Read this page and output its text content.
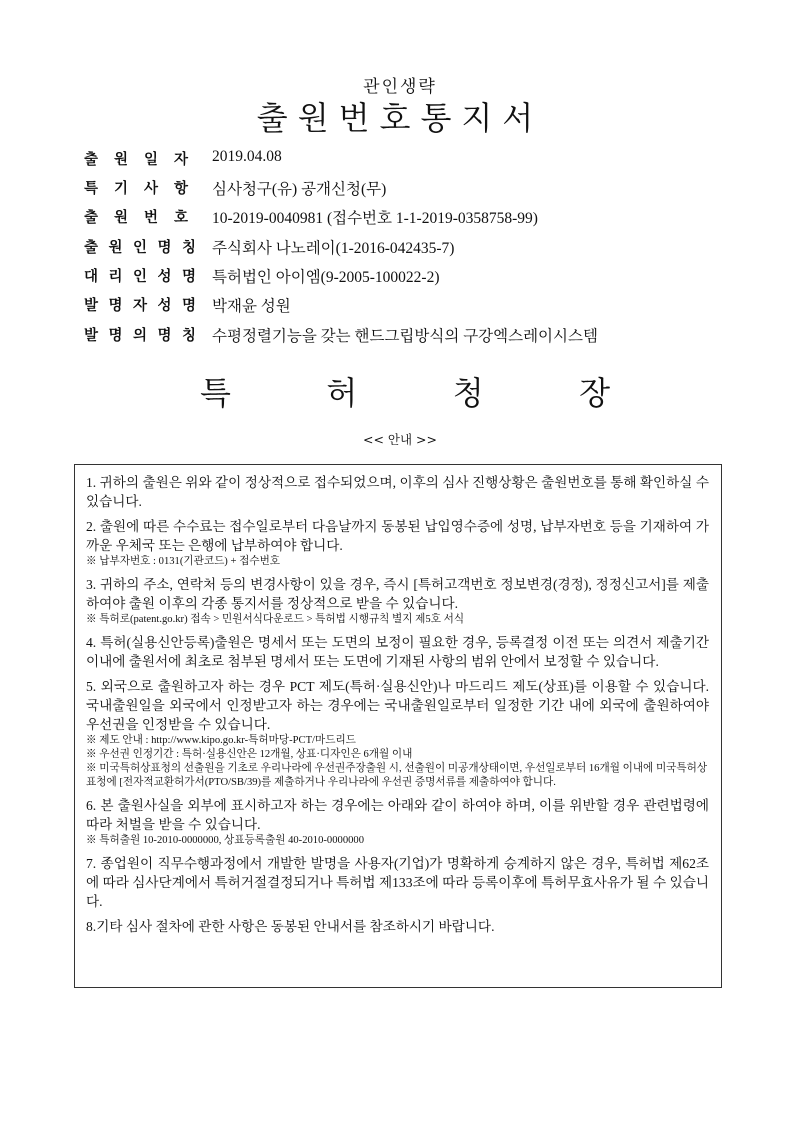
관인생략
출원번호통지서
출 원 일 자 2019.04.08
특 기 사 항 심사청구(유) 공개신청(무)
출 원 번 호 10-2019-0040981 (접수번호 1-1-2019-0358758-99)
출 원 인 명 칭 주식회사 나노레이(1-2016-042435-7)
대 리 인 성 명 특허법인 아이엠(9-2005-100022-2)
발 명 자 성 명 박재윤 성원
발 명 의 명 칭 수평정렬기능을 갖는 핸드그립방식의 구강엑스레이시스템
특	허	청	장
<< 안내 >>

1. 귀하의 출원은 위와 같이 정상적으로 접수되었으며, 이후의 심사 진행상황은 출원번호를 통해 확인하실 수 있습니다.

2. 출원에 따른 수수료는 접수일로부터 다음날까지 동봉된 납입영수증에 성명, 납부자번호 등을 기재하여 가까운 우체국 또는 은행에 납부하여야 합니다.

※ 납부자번호 : 0131(기관코드) + 접수번호

3. 귀하의 주소, 연락처 등의 변경사항이 있을 경우, 즉시 [특허고객번호 정보변경(경정), 정정신고서]를 제출하여야 출원 이후의 각종 통지서를 정상적으로 받을 수 있습니다.

※ 특허로(patent.go.kr) 접속 > 민원서식다운로드 > 특허법 시행규칙 별지 제5호 서식

4. 특허(실용신안등록)출원은 명세서 또는 도면의 보정이 필요한 경우, 등록결정 이전 또는 의견서 제출기간 이내에 출원서에 최초로 첨부된 명세서 또는 도면에 기재된 사항의 범위 안에서 보정할 수 있습니다.

5. 외국으로 출원하고자 하는 경우 PCT 제도(특허·실용신안)나 마드리드 제도(상표)를 이용할 수 있습니다. 국내출원일을 외국에서 인정받고자 하는 경우에는 국내출원일로부터 일정한 기간 내에 외국에 출원하여야 우선권을 인정받을 수 있습니다.

※ 제도 안내 : http://www.kipo.go.kr-특허마당-PCT/마드리드
※ 우선권 인정기간 : 특허·실용신안은 12개월, 상표·디자인은 6개월 이내
※ 미국특허상표청의 선출원을 기초로 우리나라에 우선권주장출원 시, 선출원이 미공개상태이면, 우선일로부터 16개월 이내에 미국특허상표청에 [전자적교환허가서(PTO/SB/39)를 제출하거나 우리나라에 우선권 증명서류를 제출하여야 합니다.

6. 본 출원사실을 외부에 표시하고자 하는 경우에는 아래와 같이 하여야 하며, 이를 위반할 경우 관련법령에 따라 처벌을 받을 수 있습니다.

※ 특허출원 10-2010-0000000, 상표등록출원 40-2010-0000000

7. 종업원이 직무수행과정에서 개발한 발명을 사용자(기업)가 명확하게 승계하지 않은 경우, 특허법 제62조에 따라 심사단계에서 특허거절결정되거나 특허법 제133조에 따라 등록이후에 특허무효사유가 될 수 있습니다.

8.기타 심사 절차에 관한 사항은 동봉된 안내서를 참조하시기 바랍니다.
